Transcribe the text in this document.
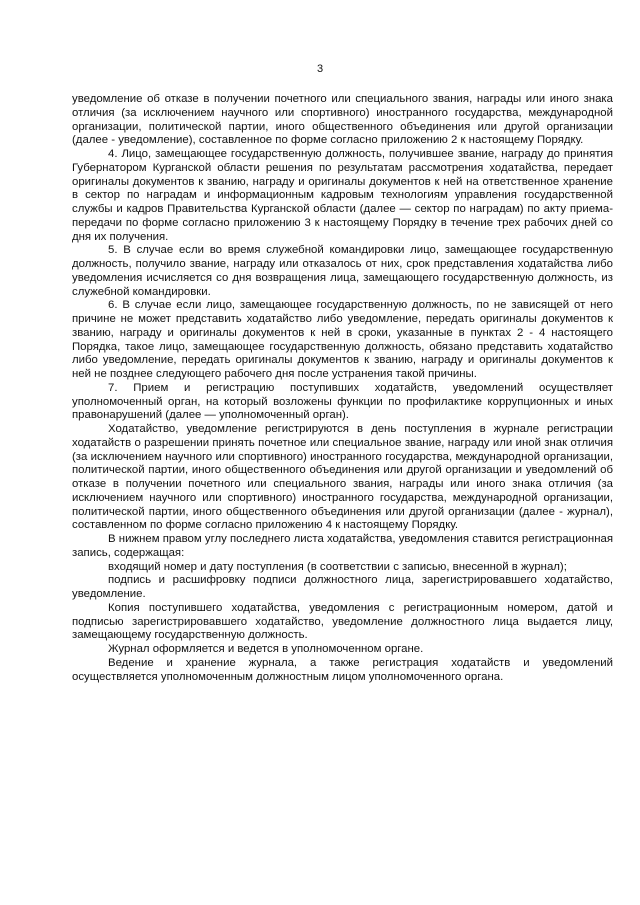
3

уведомление об отказе в получении почетного или специального звания, награды или иного знака отличия (за исключением научного или спортивного) иностранного государства, международной организации, политической партии, иного общественного объединения или другой организации (далее - уведомление), составленное по форме согласно приложению 2 к настоящему Порядку.

4. Лицо, замещающее государственную должность, получившее звание, награду до принятия Губернатором Курганской области решения по результатам рассмотрения ходатайства, передает оригиналы документов к званию, награду и оригиналы документов к ней на ответственное хранение в сектор по наградам и информационным кадровым технологиям управления государственной службы и кадров Правительства Курганской области (далее — сектор по наградам) по акту приема-передачи по форме согласно приложению 3 к настоящему Порядку в течение трех рабочих дней со дня их получения.

5. В случае если во время служебной командировки лицо, замещающее государственную должность, получило звание, награду или отказалось от них, срок представления ходатайства либо уведомления исчисляется со дня возвращения лица, замещающего государственную должность, из служебной командировки.

6. В случае если лицо, замещающее государственную должность, по не зависящей от него причине не может представить ходатайство либо уведомление, передать оригиналы документов к званию, награду и оригиналы документов к ней в сроки, указанные в пунктах 2 - 4 настоящего Порядка, такое лицо, замещающее государственную должность, обязано представить ходатайство либо уведомление, передать оригиналы документов к званию, награду и оригиналы документов к ней не позднее следующего рабочего дня после устранения такой причины.

7. Прием и регистрацию поступивших ходатайств, уведомлений осуществляет уполномоченный орган, на который возложены функции по профилактике коррупционных и иных правонарушений (далее — уполномоченный орган).

Ходатайство, уведомление регистрируются в день поступления в журнале регистрации ходатайств о разрешении принять почетное или специальное звание, награду или иной знак отличия (за исключением научного или спортивного) иностранного государства, международной организации, политической партии, иного общественного объединения или другой организации и уведомлений об отказе в получении почетного или специального звания, награды или иного знака отличия (за исключением научного или спортивного) иностранного государства, международной организации, политической партии, иного общественного объединения или другой организации (далее - журнал), составленном по форме согласно приложению 4 к настоящему Порядку.

В нижнем правом углу последнего листа ходатайства, уведомления ставится регистрационная запись, содержащая:

входящий номер и дату поступления (в соответствии с записью, внесенной в журнал);

подпись и расшифровку подписи должностного лица, зарегистрировавшего ходатайство, уведомление.

Копия поступившего ходатайства, уведомления с регистрационным номером, датой и подписью зарегистрировавшего ходатайство, уведомление должностного лица выдается лицу, замещающему государственную должность.

Журнал оформляется и ведется в уполномоченном органе.

Ведение и хранение журнала, а также регистрация ходатайств и уведомлений осуществляется уполномоченным должностным лицом уполномоченного органа.
